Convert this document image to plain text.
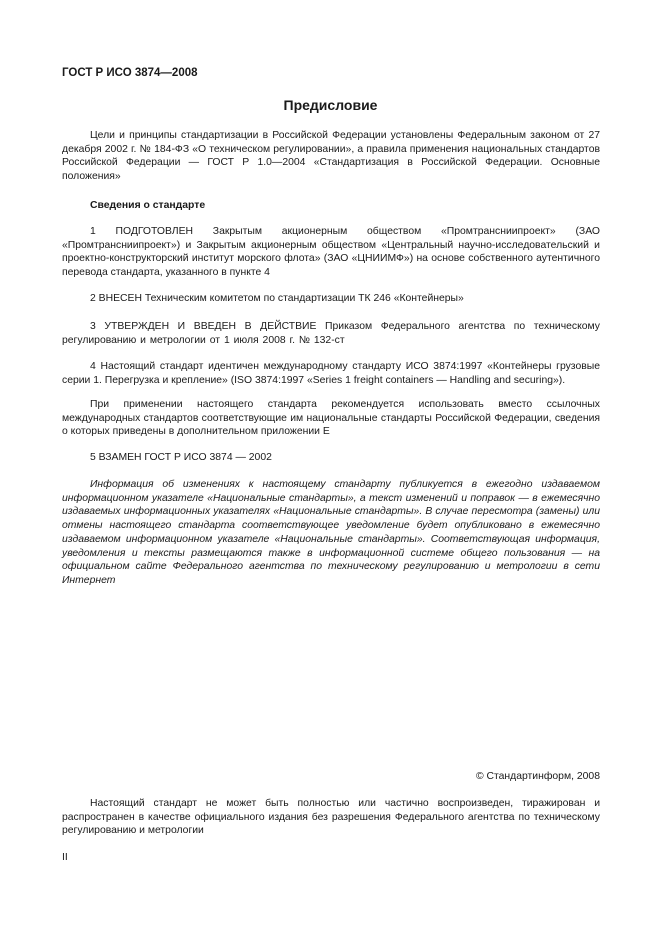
ГОСТ Р ИСО 3874—2008
Предисловие

Цели и принципы стандартизации в Российской Федерации установлены Федеральным законом от 27 декабря 2002 г. № 184-ФЗ «О техническом регулировании», а правила применения национальных стандартов Российской Федерации — ГОСТ Р 1.0—2004 «Стандартизация в Российской Федерации. Основные положения»

Сведения о стандарте

1 ПОДГОТОВЛЕН Закрытым акционерным обществом «Промтрансниипроект» (ЗАО «Промтрансниипроект») и Закрытым акционерным обществом «Центральный научно-исследовательский и проектно-конструкторский институт морского флота» (ЗАО «ЦНИИМФ») на основе собственного аутентичного перевода стандарта, указанного в пункте 4

2 ВНЕСЕН Техническим комитетом по стандартизации ТК 246 «Контейнеры»

3 УТВЕРЖДЕН И ВВЕДЕН В ДЕЙСТВИЕ Приказом Федерального агентства по техническому регулированию и метрологии от 1 июля 2008 г. № 132-ст

4 Настоящий стандарт идентичен международному стандарту ИСО 3874:1997 «Контейнеры грузовые серии 1. Перегрузка и крепление» (ISO 3874:1997 «Series 1 freight containers — Handling and securing»).

При применении настоящего стандарта рекомендуется использовать вместо ссылочных международных стандартов соответствующие им национальные стандарты Российской Федерации, сведения о которых приведены в дополнительном приложении Е

5 ВЗАМЕН ГОСТ Р ИСО 3874 — 2002

Информация об изменениях к настоящему стандарту публикуется в ежегодно издаваемом информационном указателе «Национальные стандарты», а текст изменений и поправок — в ежемесячно издаваемых информационных указателях «Национальные стандарты». В случае пересмотра (замены) или отмены настоящего стандарта соответствующее уведомление будет опубликовано в ежемесячно издаваемом информационном указателе «Национальные стандарты». Соответствующая информация, уведомления и тексты размещаются также в информационной системе общего пользования — на официальном сайте Федерального агентства по техническому регулированию и метрологии в сети Интернет

© Стандартинформ, 2008

Настоящий стандарт не может быть полностью или частично воспроизведен, тиражирован и распространен в качестве официального издания без разрешения Федерального агентства по техническому регулированию и метрологии

II
